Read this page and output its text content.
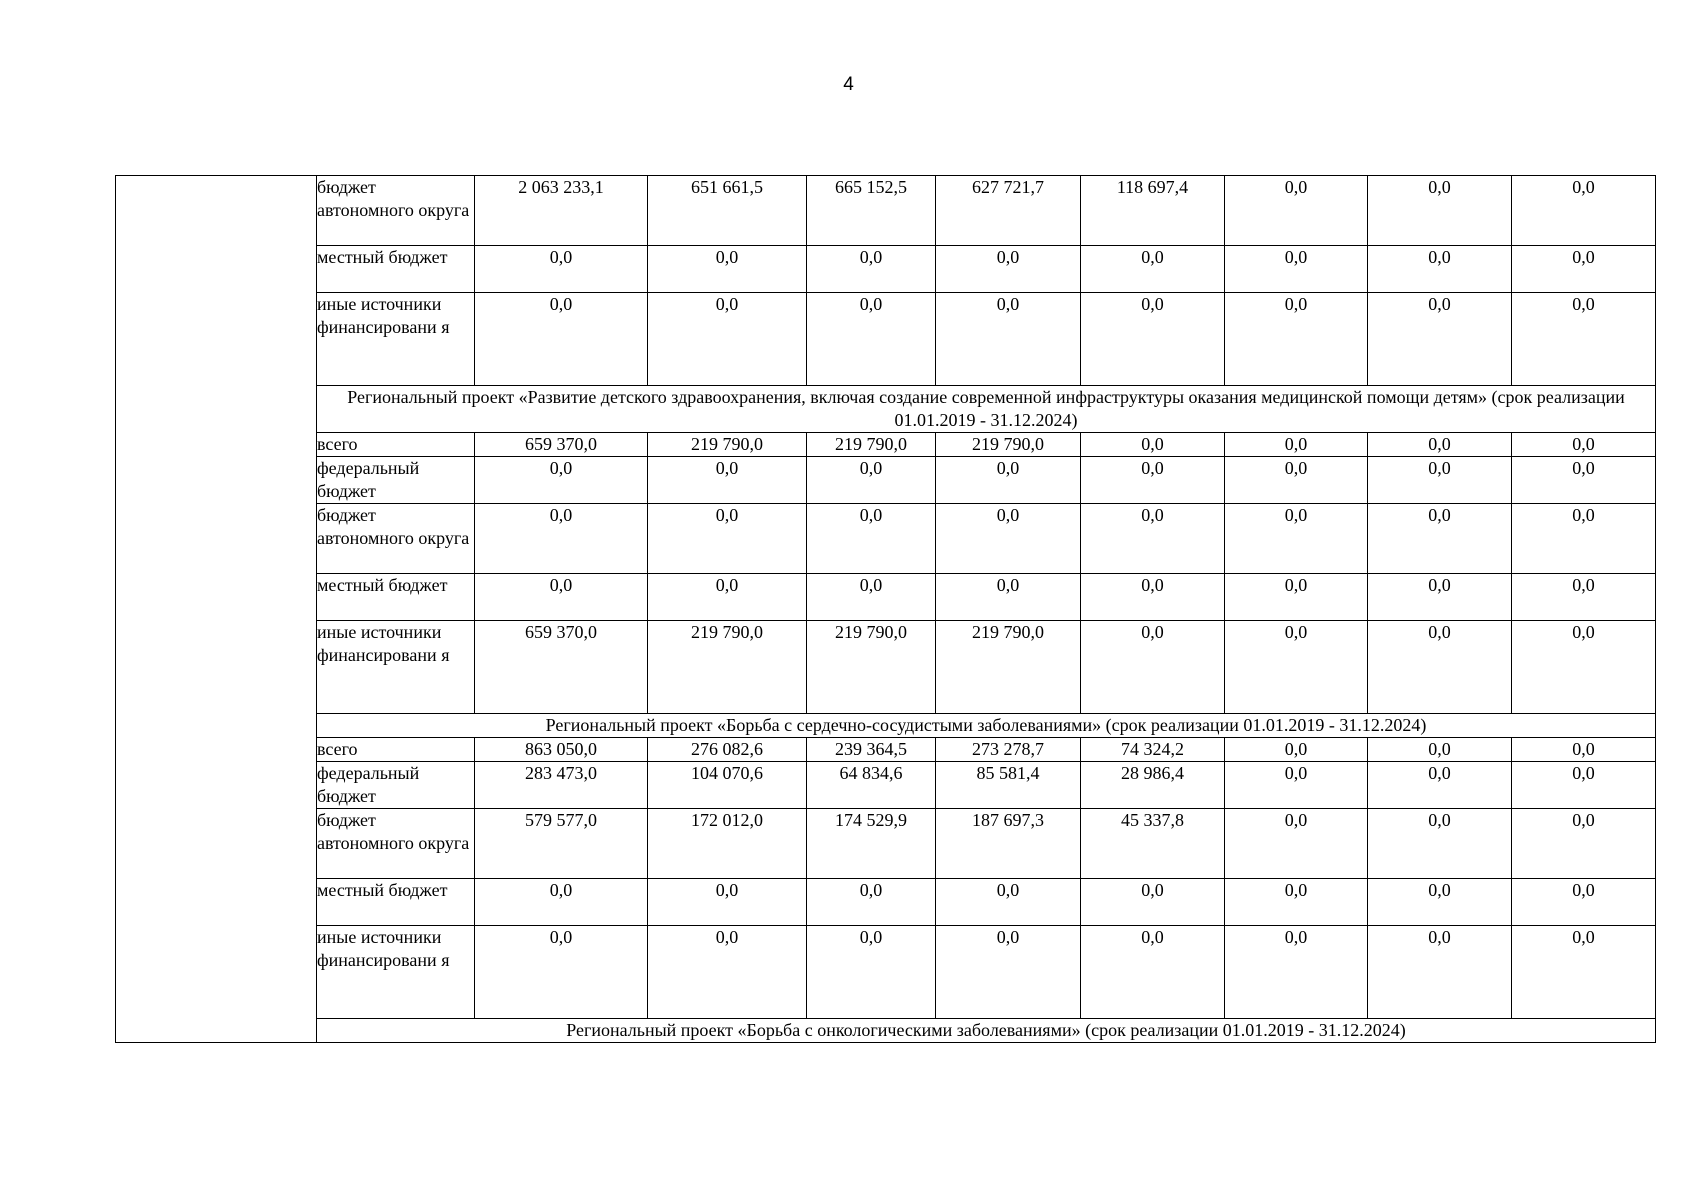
4
	бюджет автономного округа	2 063 233,1	651 661,5	665 152,5	627 721,7	118 697,4	0,0	0,0	0,0
	местный бюджет	0,0	0,0	0,0	0,0	0,0	0,0	0,0	0,0
	иные источники финансировани я	0,0	0,0	0,0	0,0	0,0	0,0	0,0	0,0
	Региональный проект «Развитие детского здравоохранения, включая создание современной инфраструктуры оказания медицинской помощи детям» (срок реализации 01.01.2019 - 31.12.2024)								
	всего	659 370,0	219 790,0	219 790,0	219 790,0	0,0	0,0	0,0	0,0
	федеральный бюджет	0,0	0,0	0,0	0,0	0,0	0,0	0,0	0,0
	бюджет автономного округа	0,0	0,0	0,0	0,0	0,0	0,0	0,0	0,0
	местный бюджет	0,0	0,0	0,0	0,0	0,0	0,0	0,0	0,0
	иные источники финансировани я	659 370,0	219 790,0	219 790,0	219 790,0	0,0	0,0	0,0	0,0
	Региональный проект «Борьба с сердечно-сосудистыми заболеваниями» (срок реализации 01.01.2019 - 31.12.2024)								
	всего	863 050,0	276 082,6	239 364,5	273 278,7	74 324,2	0,0	0,0	0,0
	федеральный бюджет	283 473,0	104 070,6	64 834,6	85 581,4	28 986,4	0,0	0,0	0,0
	бюджет автономного округа	579 577,0	172 012,0	174 529,9	187 697,3	45 337,8	0,0	0,0	0,0
	местный бюджет	0,0	0,0	0,0	0,0	0,0	0,0	0,0	0,0
	иные источники финансировани я	0,0	0,0	0,0	0,0	0,0	0,0	0,0	0,0
	Региональный проект «Борьба с онкологическими заболеваниями» (срок реализации 01.01.2019 - 31.12.2024)								
